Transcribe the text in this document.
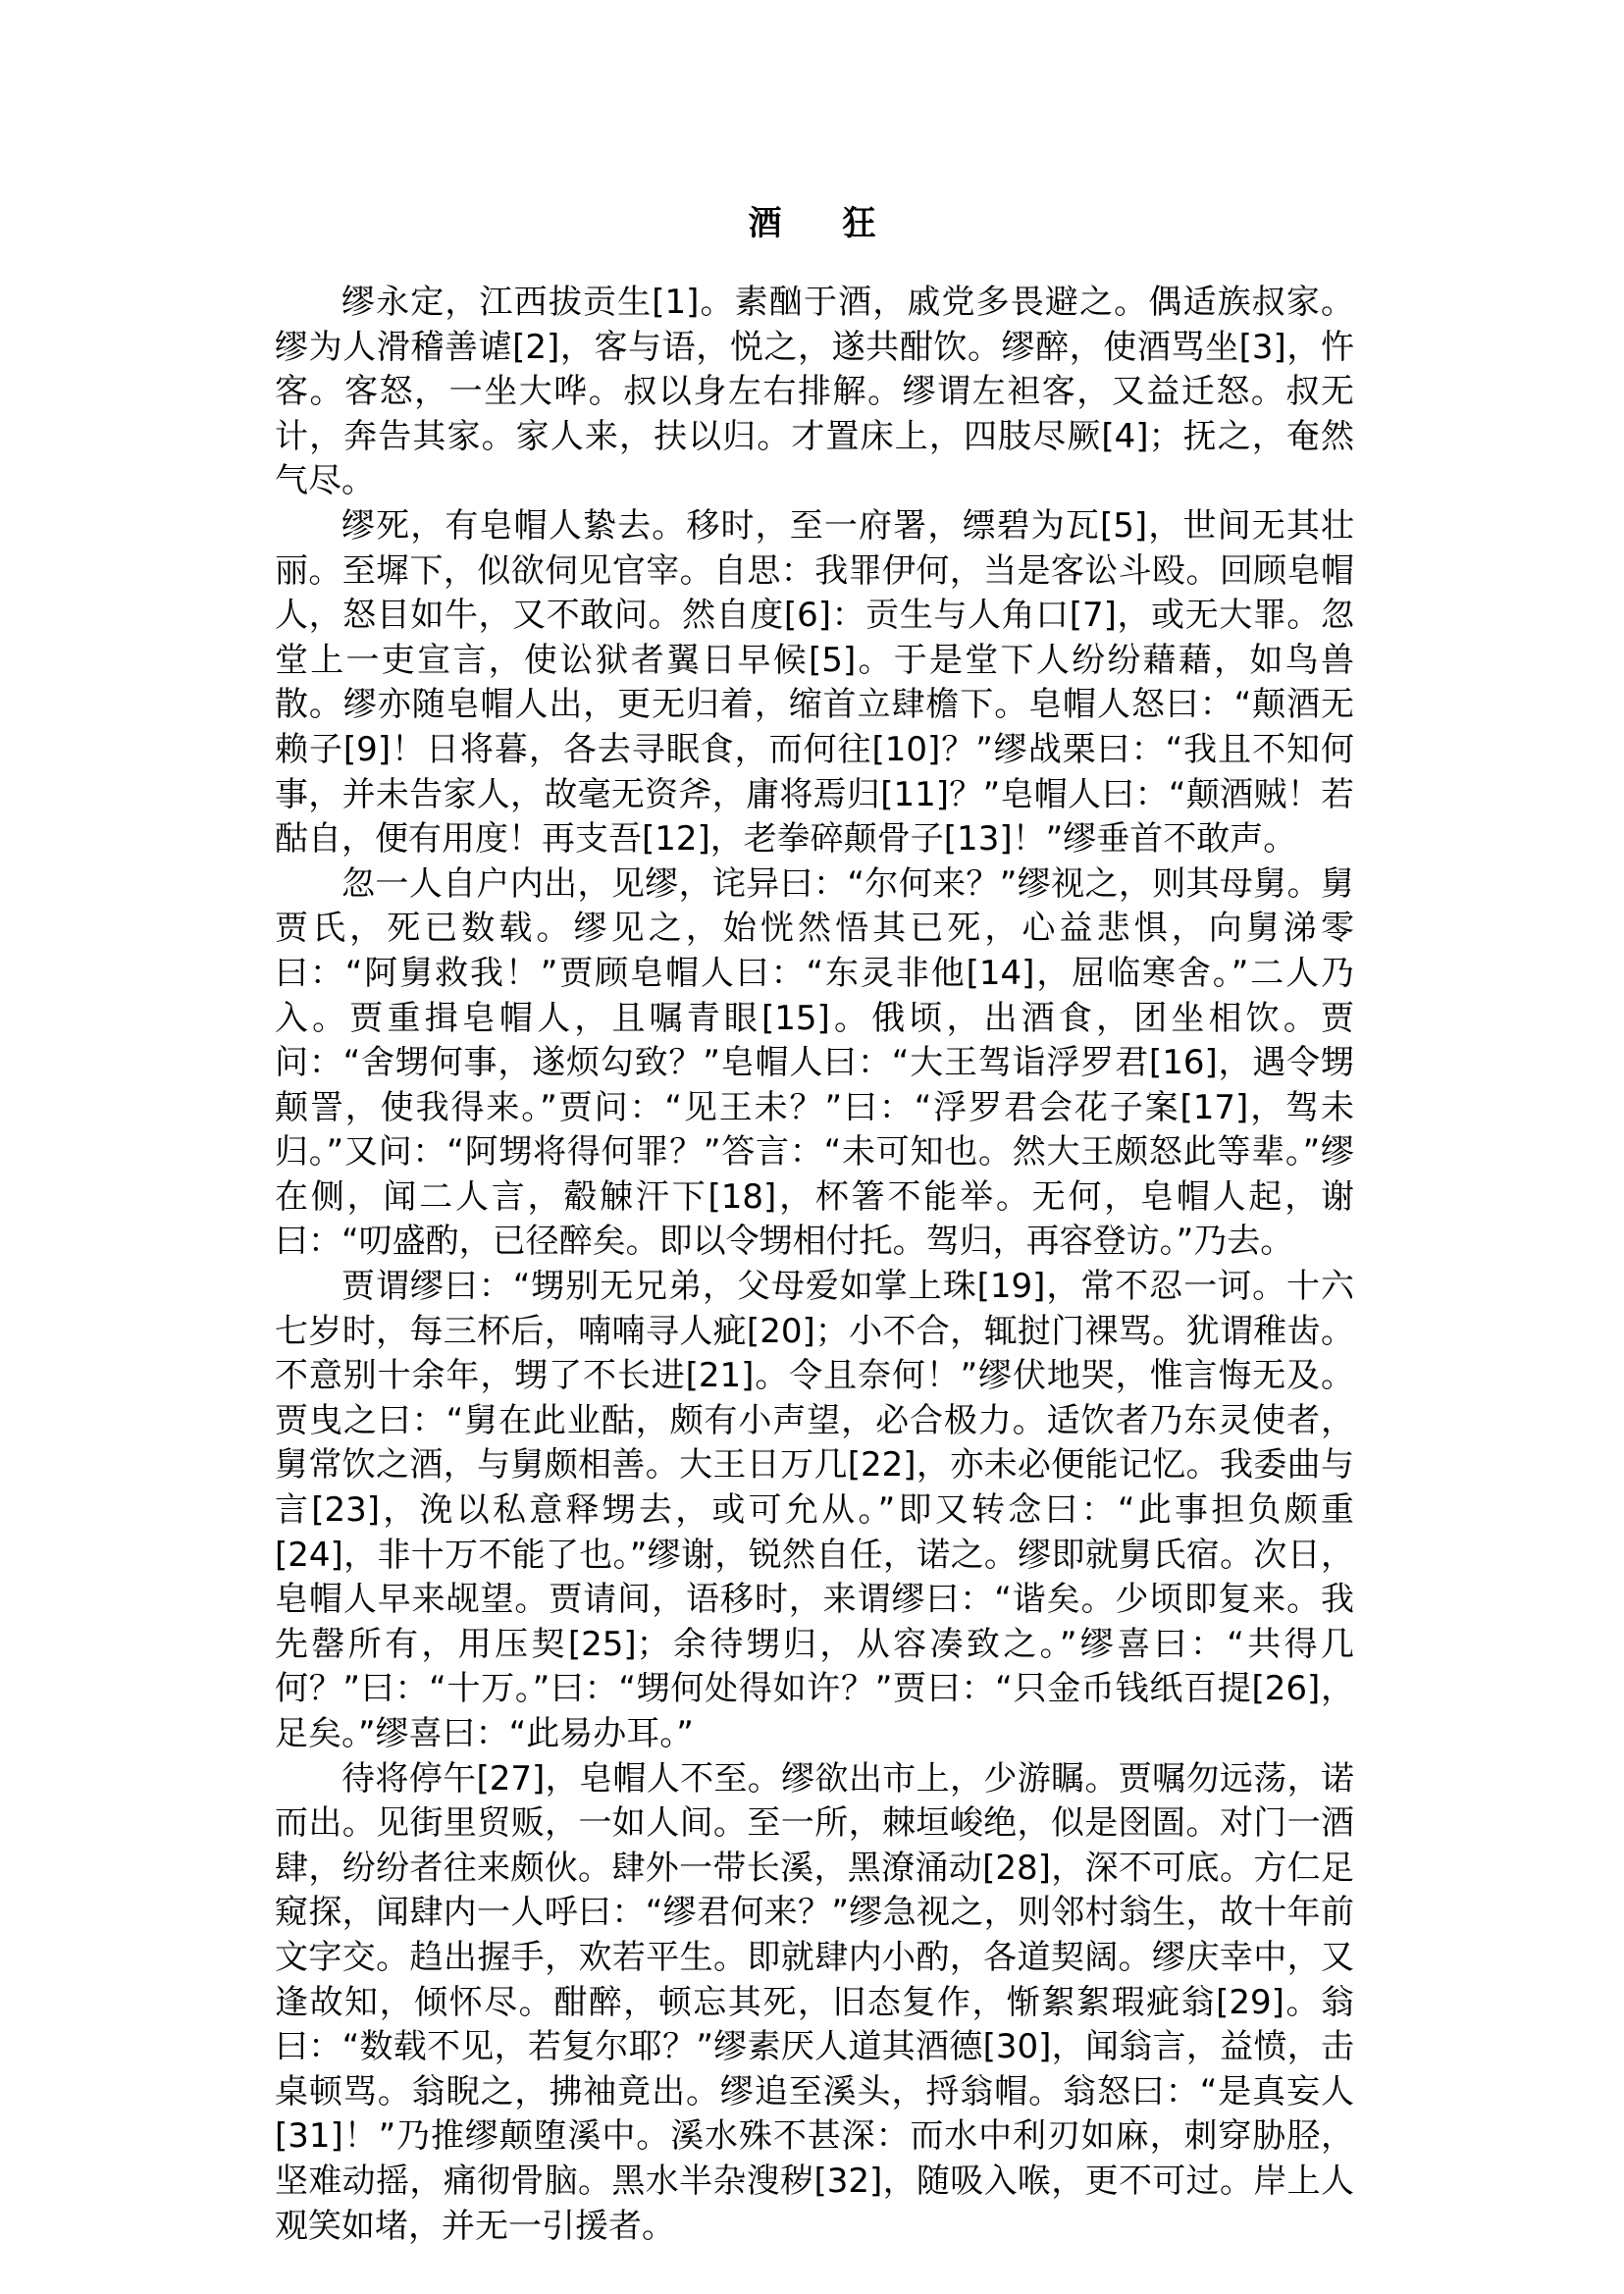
酒 狂

缪永定，江西拔贡生[1]。素酗于酒，戚党多畏避之。偶适族叔家。缪为人滑稽善谑[2]，客与语，悦之，遂共酣饮。缪醉，使酒骂坐[3]，忤客。客怒，一坐大哗。叔以身左右排解。缪谓左袒客，又益迁怒。叔无计，奔告其家。家人来，扶以归。才置床上，四肢尽厥[4]；抚之，奄然气尽。

缪死，有皂帽人絷去。移时，至一府署，缥碧为瓦[5]，世间无其壮丽。至墀下，似欲伺见官宰。自思：我罪伊何，当是客讼斗殴。回顾皂帽人，怒目如牛，又不敢问。然自度[6]：贡生与人角口[7]，或无大罪。忽堂上一吏宣言，使讼狱者翼日早候[5]。于是堂下人纷纷藉藉，如鸟兽散。缪亦随皂帽人出，更无归着，缩首立肆檐下。皂帽人怒曰：“颠酒无赖子[9]！日将暮，各去寻眠食，而何往[10]？”缪战栗曰：“我且不知何事，并未告家人，故毫无资斧，庸将焉归[11]？”皂帽人曰：“颠酒贼！若酤自，便有用度！再支吾[12]，老拳碎颠骨子[13]！”缪垂首不敢声。

忽一人自户内出，见缪，诧异曰：“尔何来？”缪视之，则其母舅。舅贾氏，死已数载。缪见之，始恍然悟其已死，心益悲惧，向舅涕零曰：“阿舅救我！”贾顾皂帽人曰：“东灵非他[14]，屈临寒舍。”二人乃入。贾重揖皂帽人，且嘱青眼[15]。俄顷，出酒食，团坐相饮。贾问：“舍甥何事，遂烦勾致？”皂帽人曰：“大王驾诣浮罗君[16]，遇令甥颠詈，使我得来。”贾问：“见王未？”曰：“浮罗君会花子案[17]，驾未归。”又问：“阿甥将得何罪？”答言：“未可知也。然大王颇怒此等辈。”缪在侧，闻二人言，觳觫汗下[18]，杯箸不能举。无何，皂帽人起，谢曰：“叨盛酌，已径醉矣。即以令甥相付托。驾归，再容登访。”乃去。

贾谓缪曰：“甥别无兄弟，父母爱如掌上珠[19]，常不忍一诃。十六七岁时，每三杯后，喃喃寻人疵[20]；小不合，辄挝门裸骂。犹谓稚齿。不意别十余年，甥了不长进[21]。令且奈何！”缪伏地哭，惟言悔无及。贾曳之曰：“舅在此业酤，颇有小声望，必合极力。适饮者乃东灵使者，舅常饮之酒，与舅颇相善。大王日万几[22]，亦未必便能记忆。我委曲与言[23]，浼以私意释甥去，或可允从。”即又转念曰：“此事担负颇重[24]，非十万不能了也。”缪谢，锐然自任，诺之。缪即就舅氏宿。次日，皂帽人早来觇望。贾请间，语移时，来谓缪曰：“谐矣。少顷即复来。我先罄所有，用压契[25]；余待甥归，从容凑致之。”缪喜曰：“共得几何？”曰：“十万。”曰：“甥何处得如许？”贾曰：“只金币钱纸百提[26]，足矣。”缪喜曰：“此易办耳。”

待将停午[27]，皂帽人不至。缪欲出市上，少游瞩。贾嘱勿远荡，诺而出。见街里贸贩，一如人间。至一所，棘垣峻绝，似是囹圄。对门一酒肆，纷纷者往来颇伙。肆外一带长溪，黑潦涌动[28]，深不可底。方仁足窥探，闻肆内一人呼曰：“缪君何来？”缪急视之，则邻村翁生，故十年前文字交。趋出握手，欢若平生。即就肆内小酌，各道契阔。缪庆幸中，又逢故知，倾怀尽。酣醉，顿忘其死，旧态复作，惭絮絮瑕疵翁[29]。翁曰：“数载不见，若复尔耶？”缪素厌人道其酒德[30]，闻翁言，益愤，击桌顿骂。翁睨之，拂袖竟出。缪追至溪头，捋翁帽。翁怒曰：“是真妄人[31]！”乃推缪颠堕溪中。溪水殊不甚深：而水中利刃如麻，刺穿胁胫，坚难动摇，痛彻骨脑。黑水半杂溲秽[32]，随吸入喉，更不可过。岸上人观笑如堵，并无一引援者。
